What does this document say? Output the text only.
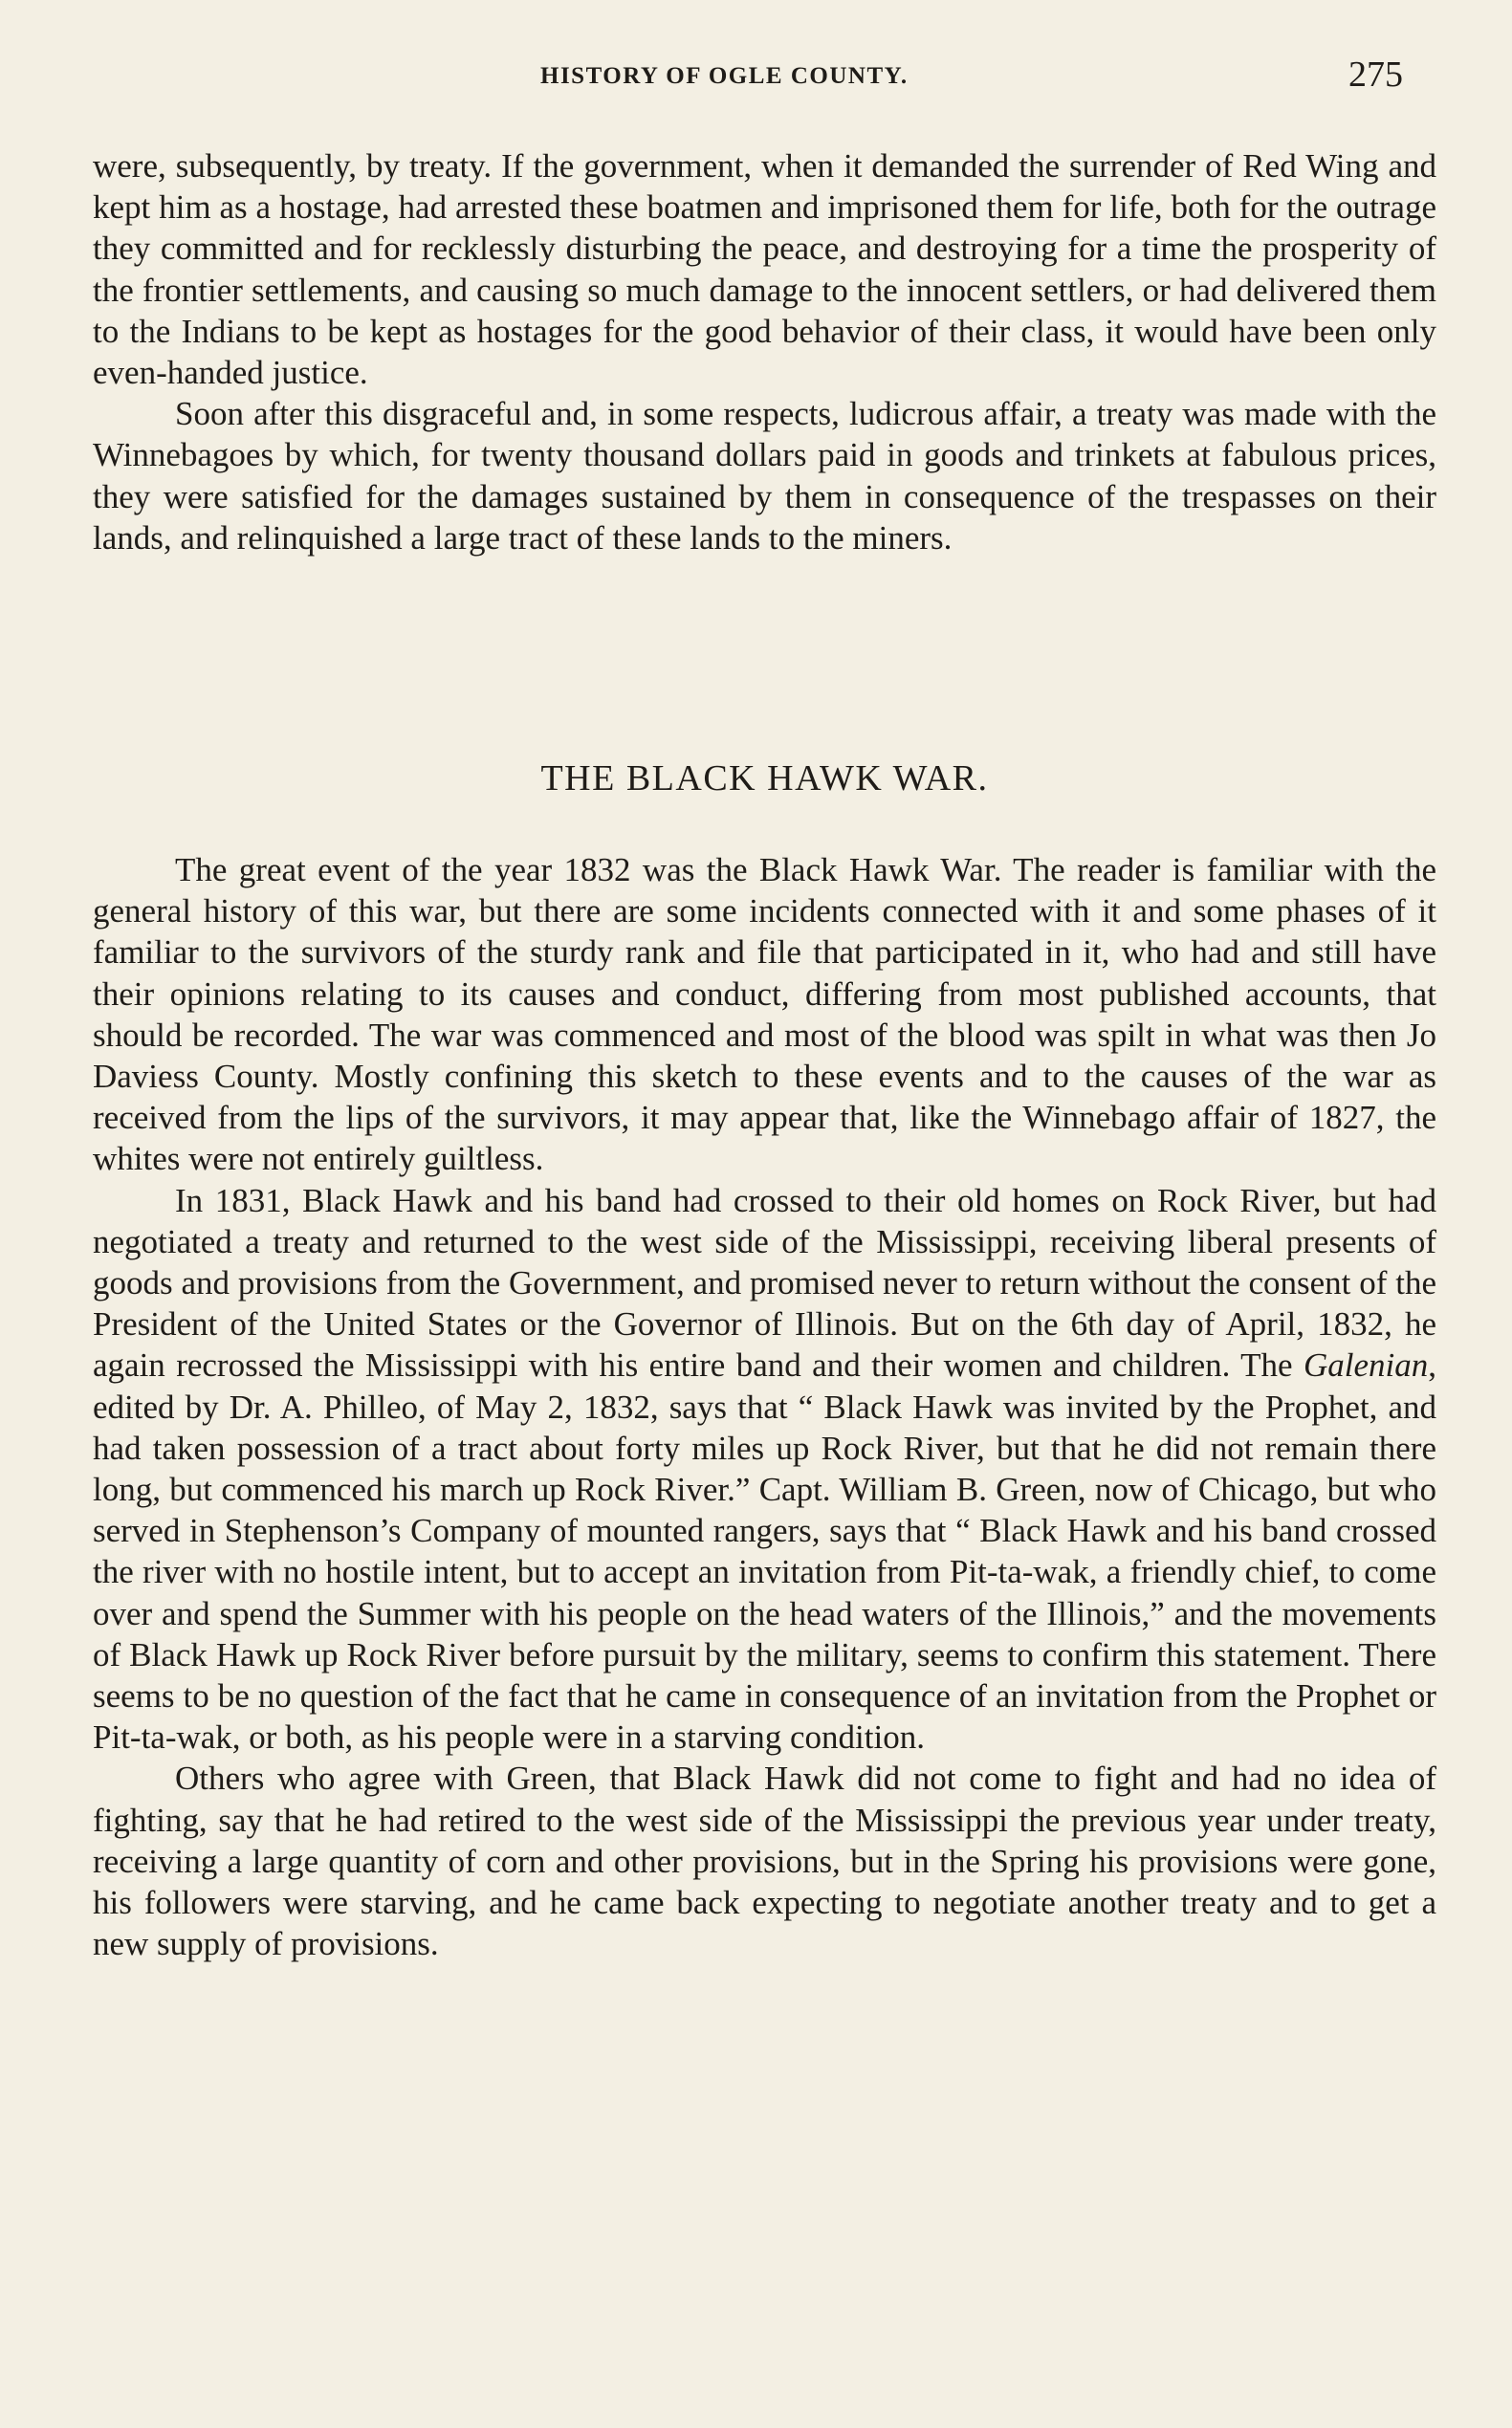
HISTORY OF OGLE COUNTY.	275

were, subsequently, by treaty. If the government, when it demanded the surrender of Red Wing and kept him as a hostage, had arrested these boatmen and imprisoned them for life, both for the outrage they committed and for recklessly disturbing the peace, and destroying for a time the prosperity of the frontier settlements, and causing so much damage to the innocent settlers, or had delivered them to the Indians to be kept as hostages for the good behavior of their class, it would have been only even-handed justice.

Soon after this disgraceful and, in some respects, ludicrous affair, a treaty was made with the Winnebagoes by which, for twenty thousand dollars paid in goods and trinkets at fabulous prices, they were satisfied for the damages sustained by them in consequence of the trespasses on their lands, and relinquished a large tract of these lands to the miners.

THE BLACK HAWK WAR.

The great event of the year 1832 was the Black Hawk War. The reader is familiar with the general history of this war, but there are some incidents connected with it and some phases of it familiar to the survivors of the sturdy rank and file that participated in it, who had and still have their opinions relating to its causes and conduct, differing from most published accounts, that should be recorded. The war was commenced and most of the blood was spilt in what was then Jo Daviess County. Mostly confining this sketch to these events and to the causes of the war as received from the lips of the survivors, it may appear that, like the Winnebago affair of 1827, the whites were not entirely guiltless.

In 1831, Black Hawk and his band had crossed to their old homes on Rock River, but had negotiated a treaty and returned to the west side of the Mississippi, receiving liberal presents of goods and provisions from the Government, and promised never to return without the consent of the President of the United States or the Governor of Illinois. But on the 6th day of April, 1832, he again recrossed the Mississippi with his entire band and their women and children. The Galenian, edited by Dr. A. Philleo, of May 2, 1832, says that “ Black Hawk was invited by the Prophet, and had taken possession of a tract about forty miles up Rock River, but that he did not remain there long, but commenced his march up Rock River.” Capt. William B. Green, now of Chicago, but who served in Stephenson’s Company of mounted rangers, says that “ Black Hawk and his band crossed the river with no hostile intent, but to accept an invitation from Pit-ta-wak, a friendly chief, to come over and spend the Summer with his people on the head waters of the Illinois,” and the movements of Black Hawk up Rock River before pursuit by the military, seems to confirm this statement. There seems to be no question of the fact that he came in consequence of an invitation from the Prophet or Pit-ta-wak, or both, as his people were in a starving condition.

Others who agree with Green, that Black Hawk did not come to fight and had no idea of fighting, say that he had retired to the west side of the Mississippi the previous year under treaty, receiving a large quantity of corn and other provisions, but in the Spring his provisions were gone, his followers were starving, and he came back expecting to negotiate another treaty and to get a new supply of provisions.
